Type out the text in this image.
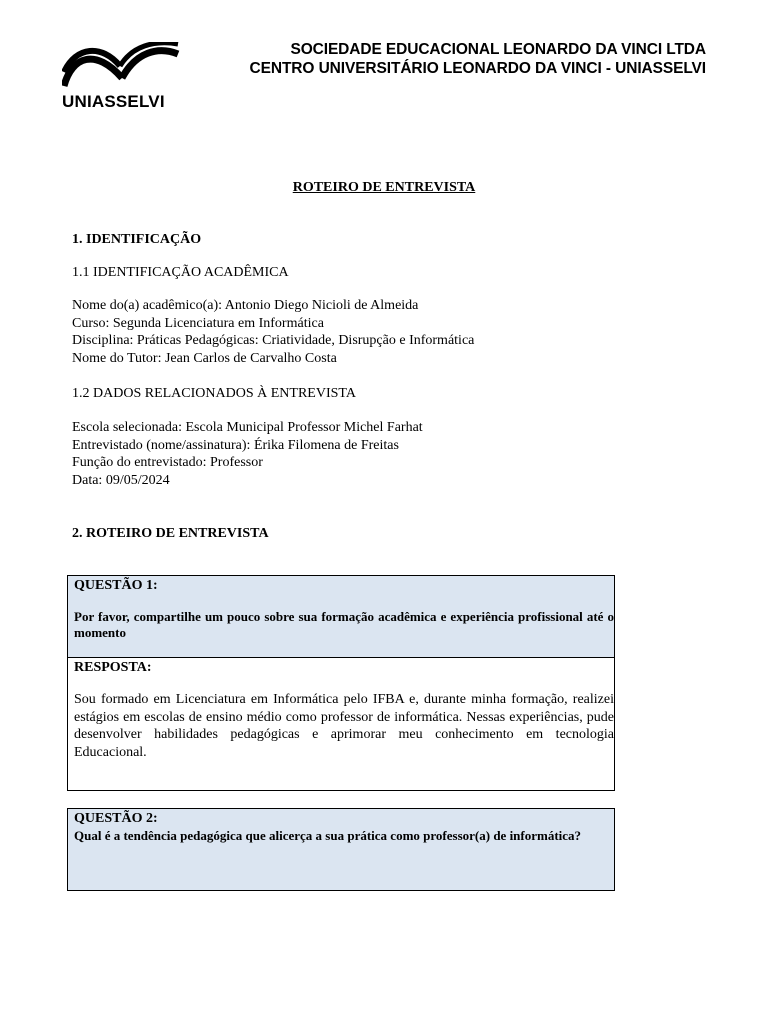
UNIASSELVI
SOCIEDADE EDUCACIONAL LEONARDO DA VINCI LTDA
CENTRO UNIVERSITÁRIO LEONARDO DA VINCI - UNIASSELVI
ROTEIRO DE ENTREVISTA
1. IDENTIFICAÇÃO
1.1 IDENTIFICAÇÃO ACADÊMICA
Nome do(a) acadêmico(a): Antonio Diego Nicioli de Almeida
Curso: Segunda Licenciatura em Informática
Disciplina: Práticas Pedagógicas: Criatividade, Disrupção e Informática
Nome do Tutor: Jean Carlos de Carvalho Costa
1.2 DADOS RELACIONADOS À ENTREVISTA
Escola selecionada: Escola Municipal Professor Michel Farhat
Entrevistado (nome/assinatura): Érika Filomena de Freitas
Função do entrevistado: Professor
Data: 09/05/2024
2. ROTEIRO DE ENTREVISTA
QUESTÃO 1:
Por favor, compartilhe um pouco sobre sua formação acadêmica e experiência profissional até o momento
RESPOSTA:
Sou formado em Licenciatura em Informática pelo IFBA e, durante minha formação, realizei estágios em escolas de ensino médio como professor de informática. Nessas experiências, pude desenvolver habilidades pedagógicas e aprimorar meu conhecimento em tecnologia Educacional.
QUESTÃO 2:
Qual é a tendência pedagógica que alicerça a sua prática como professor(a) de informática?
